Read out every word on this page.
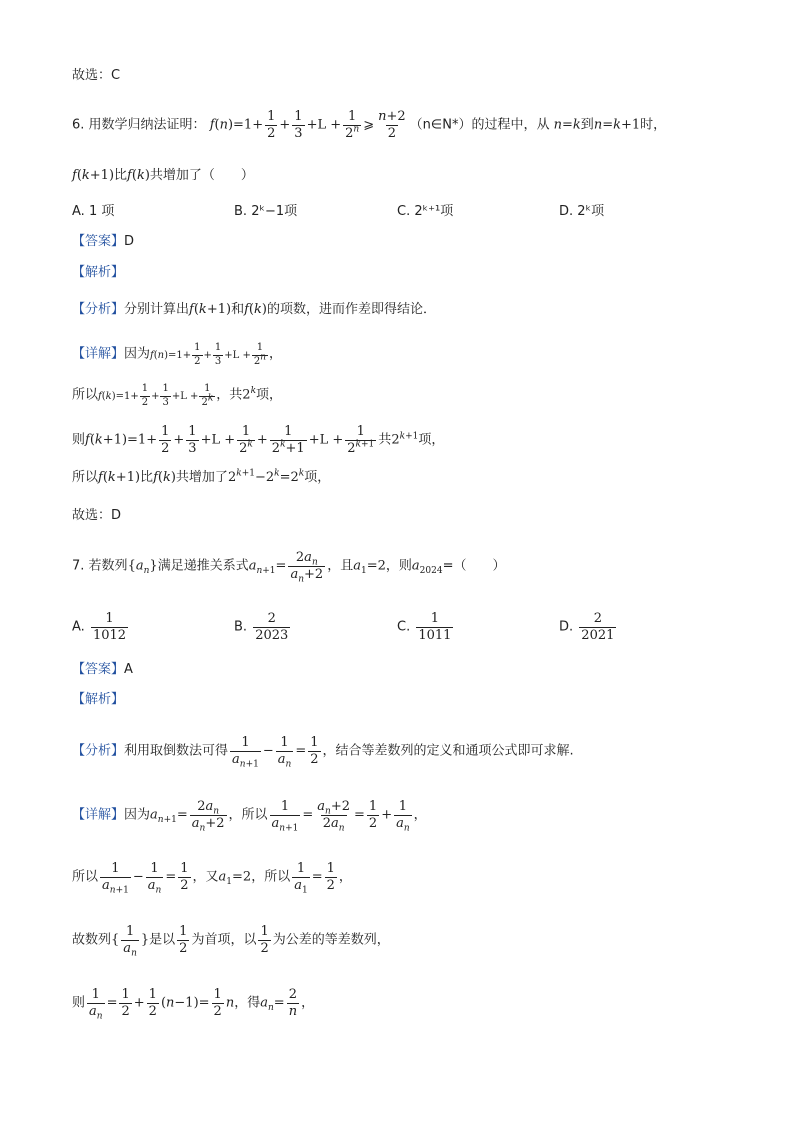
故选：C
6. 用数学归纳法证明： $f(n)=1+ \frac{1}{2} + \frac{1}{3} +L + \frac{1}{2^n}$ ⩾ $\frac{n+2}{2}$ （n∈N*）的过程中，从 n=k到n=k+1时，
f(k+1)比f(k)共增加了（　　）
A. 1 项	B. 2ᵏ−1项	C. 2ᵏ⁺¹项	D. 2ᵏ项
【答案】D
【解析】
【分析】分别计算出f(k+1)和f(k)的项数，进而作差即得结论．
【详解】因为$f(n)=1+ \frac{1}{2} + \frac{1}{3} +L + \frac{1}{2^n}$ ，
所以$f(k)=1+ \frac{1}{2} + \frac{1}{3} +L + \frac{1}{2^k}$ ，共2$^k$项，
则$f(k+1)=1+ \frac{1}{2} + \frac{1}{3} +L + \frac{1}{2^k} + \frac{1}{2^k+1} +L + \frac{1}{2^{k+1}}$ 共$2^{k+1}$项，
所以f(k+1)比f(k)共增加了$2^{k+1}-2^k=2^k$项，
故选：D
7. 若数列$\{a_n\}$满足递推关系式$a_{n+1}= \frac{2a_n}{a_n+2}$ ，且$a_1=2$，则$a_{2024}=$（　　）
A. $\frac{1}{1012}$	B. $\frac{2}{2023}$	C. $\frac{1}{1011}$	D. $\frac{2}{2021}$
【答案】A
【解析】
【分析】利用取倒数法可得 $\frac{1}{a_{n+1}} - \frac{1}{a_n} = \frac{1}{2}$ ，结合等差数列的定义和通项公式即可求解.
【详解】因为$a_{n+1}= \frac{2a_n}{a_n+2}$ ，所以 $\frac{1}{a_{n+1}} = \frac{a_n+2}{2a_n} = \frac{1}{2} + \frac{1}{a_n}$ ，
所以 $\frac{1}{a_{n+1}} - \frac{1}{a_n} = \frac{1}{2}$ ，又$a_1=2$，所以 $\frac{1}{a_1} = \frac{1}{2}$ ，
故数列{ $\frac{1}{a_n}$ }是以 $\frac{1}{2}$ 为首项，以 $\frac{1}{2}$ 为公差的等差数列，
则 $\frac{1}{a_n} = \frac{1}{2} + \frac{1}{2} (n-1)= \frac{1}{2}$ n，得$a_n= \frac{2}{n}$ ，
